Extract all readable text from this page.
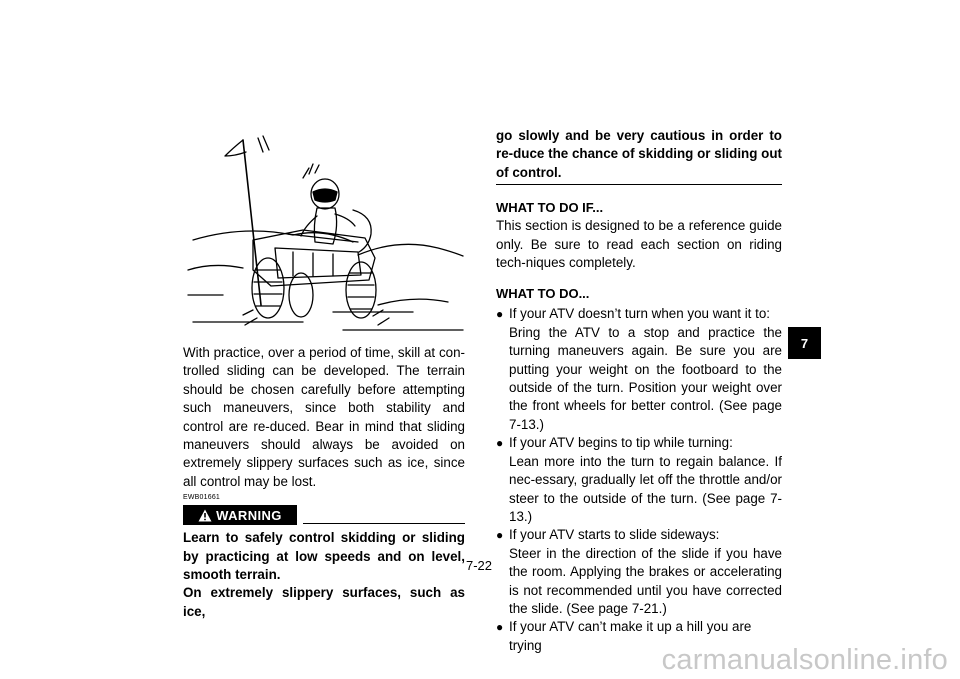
With practice, over a period of time, skill at con-trolled sliding can be developed. The terrain should be chosen carefully before attempting such maneuvers, since both stability and control are re-duced. Bear in mind that sliding maneuvers should always be avoided on extremely slippery surfaces such as ice, since all control may be lost.

EWB01661
WARNING

Learn to safely control skidding or sliding by practicing at low speeds and on level, smooth terrain.

On extremely slippery surfaces, such as ice,

go slowly and be very cautious in order to re-duce the chance of skidding or sliding out of control.
WHAT TO DO IF...

This section is designed to be a reference guide only. Be sure to read each section on riding tech-niques completely.

WHAT TO DO...
● If your ATV doesn’t turn when you want it to:
Bring the ATV to a stop and practice the turning maneuvers again. Be sure you are putting your weight on the footboard to the outside of the turn. Position your weight over the front wheels for better control. (See page 7-13.)
● If your ATV begins to tip while turning:
Lean more into the turn to regain balance. If nec-essary, gradually let off the throttle and/or steer to the outside of the turn. (See page 7-13.)
● If your ATV starts to slide sideways:
Steer in the direction of the slide if you have the room. Applying the brakes or accelerating is not recommended until you have corrected the slide. (See page 7-21.)
● If your ATV can’t make it up a hill you are trying
7
7-22
carmanualsonline.info
